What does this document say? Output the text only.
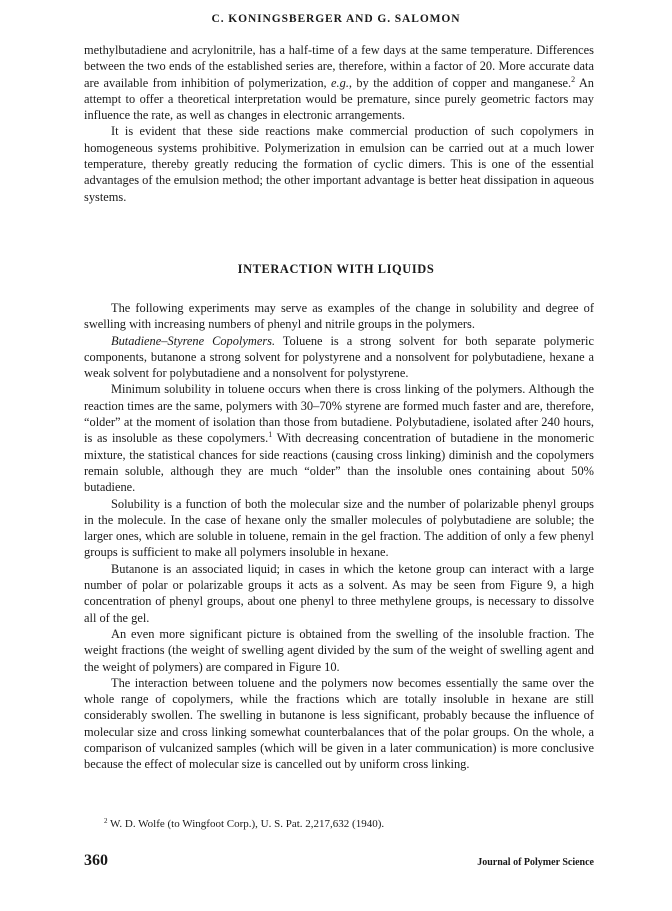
C. KONINGSBERGER AND G. SALOMON

methylbutadiene and acrylonitrile, has a half-time of a few days at the same temperature. Differences between the two ends of the established series are, therefore, within a factor of 20. More accurate data are available from inhibition of polymerization, e.g., by the addition of copper and manganese.$^2$ An attempt to offer a theoretical interpretation would be premature, since purely geometric factors may influence the rate, as well as changes in electronic arrangements.

It is evident that these side reactions make commercial production of such copolymers in homogeneous systems prohibitive. Polymerization in emulsion can be carried out at a much lower temperature, thereby greatly reducing the formation of cyclic dimers. This is one of the essential advantages of the emulsion method; the other important advantage is better heat dissipation in aqueous systems.

INTERACTION WITH LIQUIDS

The following experiments may serve as examples of the change in solubility and degree of swelling with increasing numbers of phenyl and nitrile groups in the polymers.

Butadiene–Styrene Copolymers. Toluene is a strong solvent for both separate polymeric components, butanone a strong solvent for polystyrene and a nonsolvent for polybutadiene, hexane a weak solvent for polybutadiene and a nonsolvent for polystyrene.

Minimum solubility in toluene occurs when there is cross linking of the polymers. Although the reaction times are the same, polymers with 30–70% styrene are formed much faster and are, therefore, “older” at the moment of isolation than those from butadiene. Polybutadiene, isolated after 240 hours, is as insoluble as these copolymers.$^1$ With decreasing concentration of butadiene in the monomeric mixture, the statistical chances for side reactions (causing cross linking) diminish and the copolymers remain soluble, although they are much “older” than the insoluble ones containing about 50% butadiene.

Solubility is a function of both the molecular size and the number of polarizable phenyl groups in the molecule. In the case of hexane only the smaller molecules of polybutadiene are soluble; the larger ones, which are soluble in toluene, remain in the gel fraction. The addition of only a few phenyl groups is sufficient to make all polymers insoluble in hexane.

Butanone is an associated liquid; in cases in which the ketone group can interact with a large number of polar or polarizable groups it acts as a solvent. As may be seen from Figure 9, a high concentration of phenyl groups, about one phenyl to three methylene groups, is necessary to dissolve all of the gel.

An even more significant picture is obtained from the swelling of the insoluble fraction. The weight fractions (the weight of swelling agent divided by the sum of the weight of swelling agent and the weight of polymers) are compared in Figure 10.

The interaction between toluene and the polymers now becomes essentially the same over the whole range of copolymers, while the fractions which are totally insoluble in hexane are still considerably swollen. The swelling in butanone is less significant, probably because the influence of molecular size and cross linking somewhat counterbalances that of the polar groups. On the whole, a comparison of vulcanized samples (which will be given in a later communication) is more conclusive because the effect of molecular size is cancelled out by uniform cross linking.

$^2$ W. D. Wolfe (to Wingfoot Corp.), U. S. Pat. 2,217,632 (1940).
360	Journal of Polymer Science
